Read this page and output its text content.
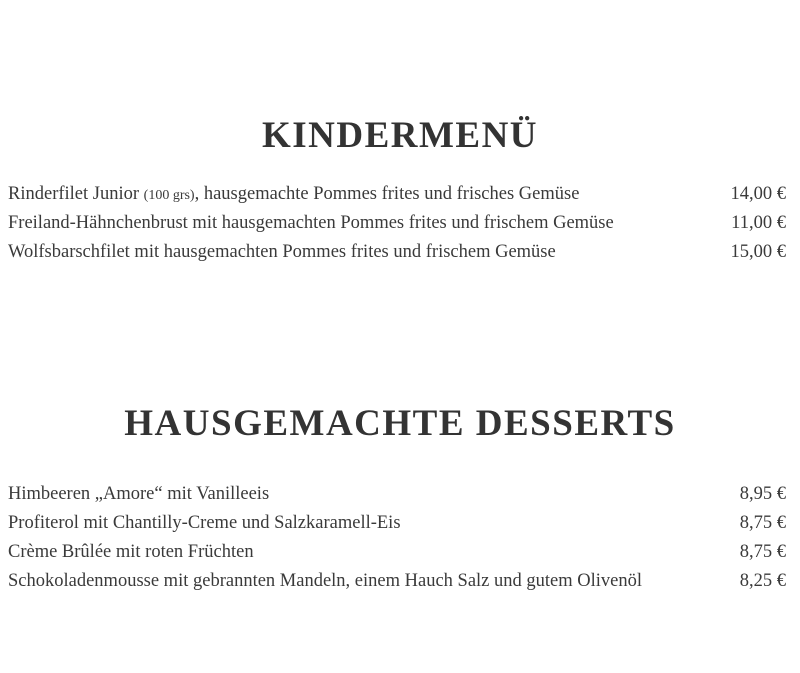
KINDERMENÜ
Rinderfilet Junior (100 grs), hausgemachte Pommes frites und frisches Gemüse	14,00 €
Freiland-Hähnchenbrust mit hausgemachten Pommes frites und frischem Gemüse	11,00 €
Wolfsbarschfilet mit hausgemachten Pommes frites und frischem Gemüse	15,00 €
HAUSGEMACHTE DESSERTS
Himbeeren „Amore“ mit Vanilleeis	8,95 €
Profiterol mit Chantilly-Creme und Salzkaramell-Eis	8,75 €
Crème Brûlée mit roten Früchten	8,75 €
Schokoladenmousse mit gebrannten Mandeln, einem Hauch Salz und gutem Olivenöl	8,25 €
